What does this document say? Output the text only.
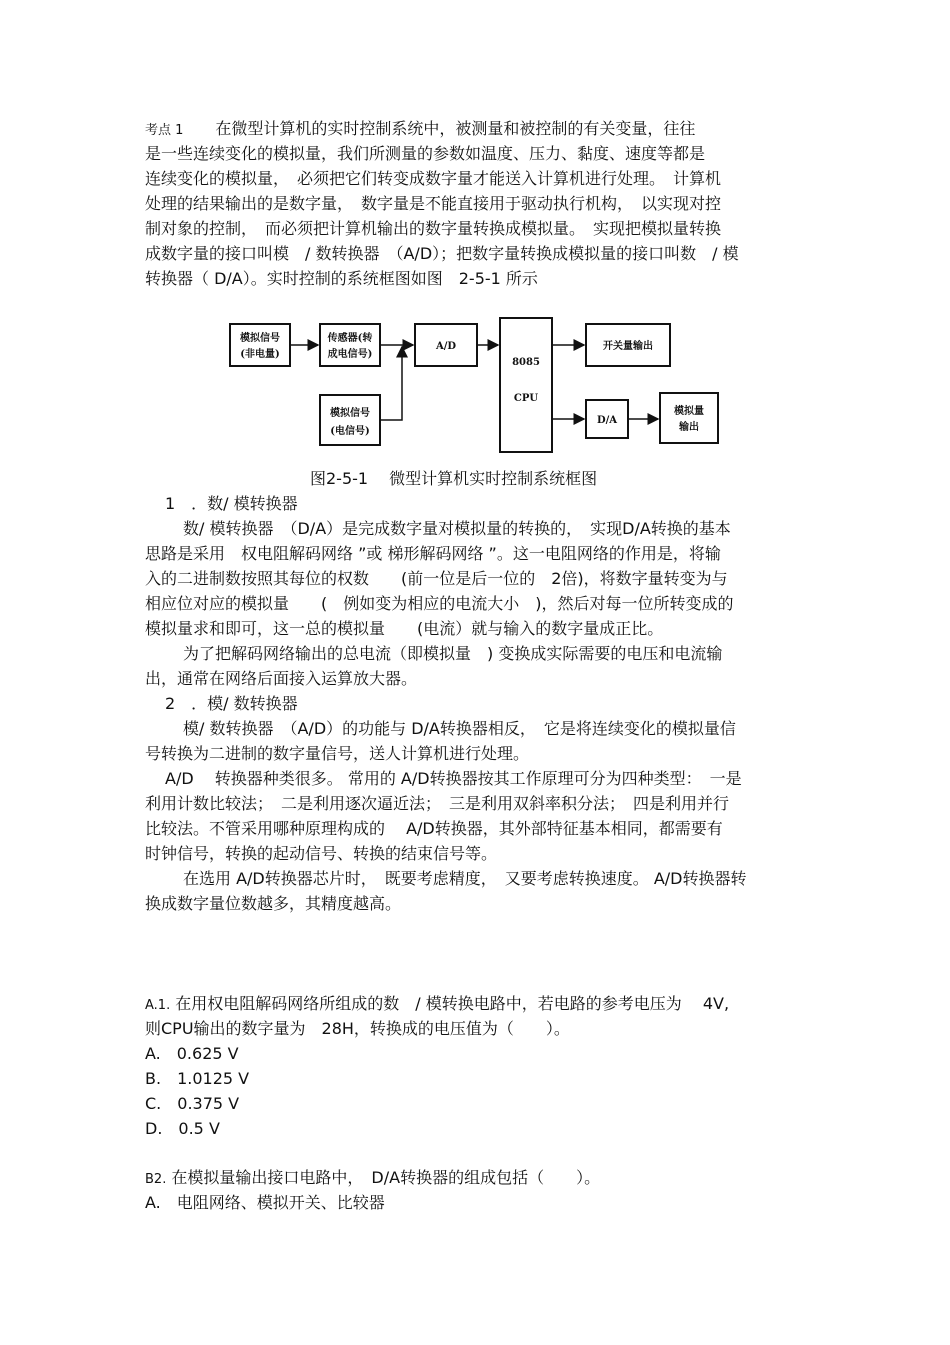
考点 1 在微型计算机的实时控制系统中，被测量和被控制的有关变量，往往
是一些连续变化的模拟量，我们所测量的参数如温度、压力、黏度、速度等都是
连续变化的模拟量，　必须把它们转变成数字量才能送入计算机进行处理。　计算机
处理的结果输出的是数字量，　数字量是不能直接用于驱动执行机构，　以实现对控
制对象的控制，　而必须把计算机输出的数字量转换成模拟量。　实现把模拟量转换
成数字量的接口叫模　/ 数转换器　（A/D）；把数字量转换成模拟量的接口叫数　/ 模
转换器（ D/A）。实时控制的系统框图如图　2-5-1 所示
模拟信号
(非电量)
传感器(转
成电信号)
A/D
8085
CPU
开关量输出
模拟信号
(电信号)
D/A
模拟量
输出
图2-5-1　 微型计算机实时控制系统框图
1　．数/ 模转换器
数/ 模转换器　（D/A）是完成数字量对模拟量的转换的，　实现D/A转换的基本
思路是采用　权电阻解码网络 ”或 梯形解码网络 ”。这一电阻网络的作用是，将输
入的二进制数按照其每位的权数　　(前一位是后一位的　2倍)，将数字量转变为与
相应位对应的模拟量　　(　例如变为相应的电流大小　)，然后对每一位所转变成的
模拟量求和即可，这一总的模拟量　　(电流）就与输入的数字量成正比。
为了把解码网络输出的总电流（即模拟量　) 变换成实际需要的电压和电流输
出，通常在网络后面接入运算放大器。
2　．模/ 数转换器
模/ 数转换器　（A/D）的功能与 D/A转换器相反，　它是将连续变化的模拟量信
号转换为二进制的数字量信号，送人计算机进行处理。
A/D　 转换器种类很多。 常用的 A/D转换器按其工作原理可分为四种类型：　一是
利用计数比较法；　二是利用逐次逼近法；　三是利用双斜率积分法；　四是利用并行
比较法。不管采用哪种原理构成的　 A/D转换器，其外部特征基本相同，都需要有
时钟信号，转换的起动信号、转换的结束信号等。
在选用 A/D转换器芯片时，　既要考虑精度，　又要考虑转换速度。 A/D转换器转
换成数字量位数越多，其精度越高。
A.1. 在用权电阻解码网络所组成的数　/ 模转换电路中，若电路的参考电压为　 4V,
则CPU输出的数字量为　28H，转换成的电压值为（　　）。
A.　0.625 V
B.　1.0125 V
C.　0.375 V
D.　0.5 V
B2. 在模拟量输出接口电路中，　D/A转换器的组成包括（　　）。
A.　电阻网络、模拟开关、比较器
